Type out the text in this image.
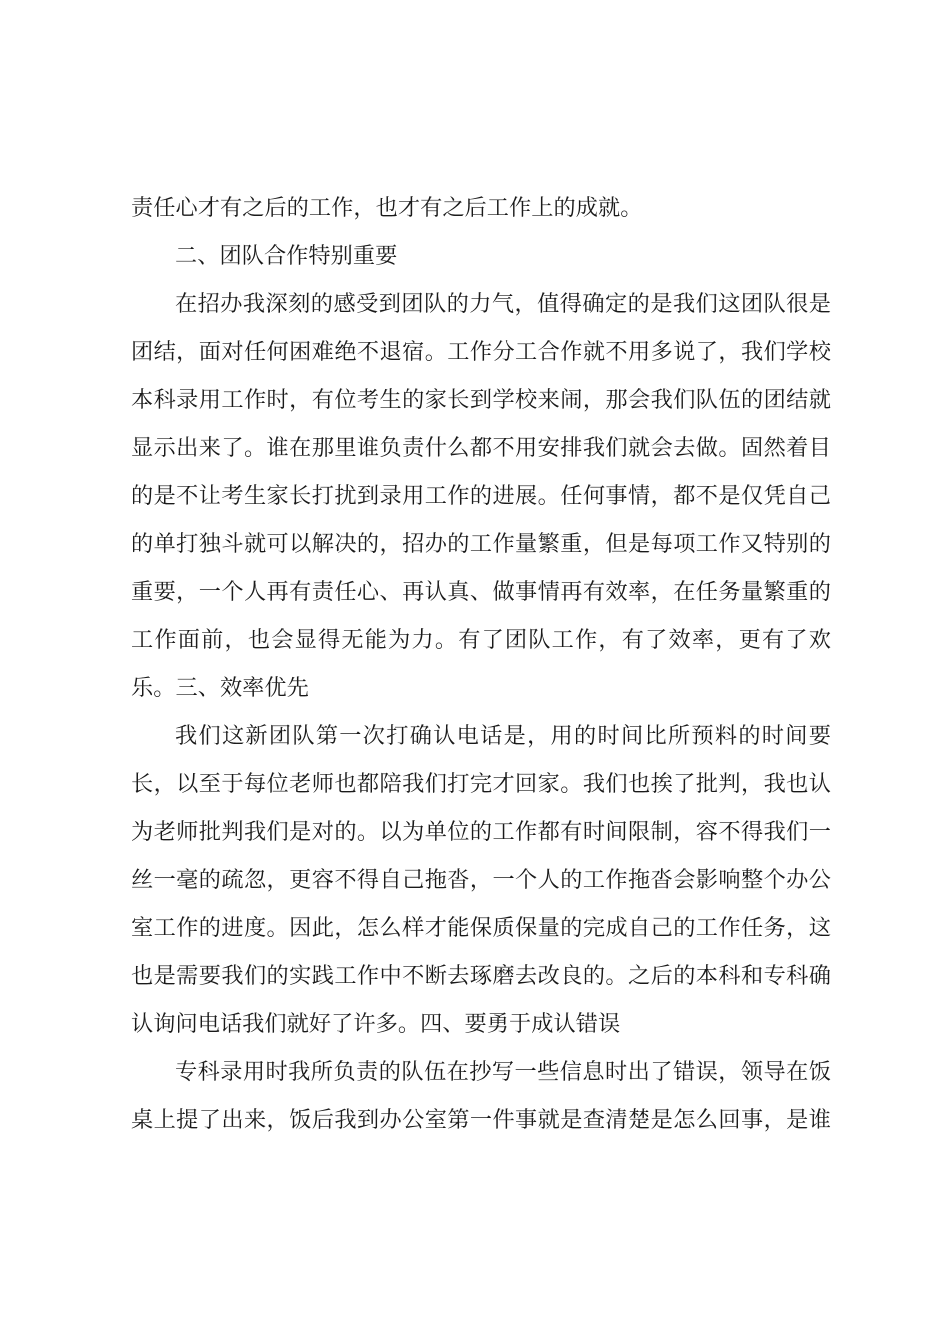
责任心才有之后的工作，也才有之后工作上的成就。
二、团队合作特别重要
在招办我深刻的感受到团队的力气，值得确定的是我们这团队很是
团结，面对任何困难绝不退宿。工作分工合作就不用多说了，我们学校
本科录用工作时，有位考生的家长到学校来闹，那会我们队伍的团结就
显示出来了。谁在那里谁负责什么都不用安排我们就会去做。固然着目
的是不让考生家长打扰到录用工作的进展。任何事情，都不是仅凭自己
的单打独斗就可以解决的，招办的工作量繁重，但是每项工作又特别的
重要，一个人再有责任心、再认真、做事情再有效率，在任务量繁重的
工作面前，也会显得无能为力。有了团队工作，有了效率，更有了欢
乐。三、效率优先
我们这新团队第一次打确认电话是，用的时间比所预料的时间要
长，以至于每位老师也都陪我们打完才回家。我们也挨了批判，我也认
为老师批判我们是对的。以为单位的工作都有时间限制，容不得我们一
丝一毫的疏忽，更容不得自己拖沓，一个人的工作拖沓会影响整个办公
室工作的进度。因此，怎么样才能保质保量的完成自己的工作任务，这
也是需要我们的实践工作中不断去琢磨去改良的。之后的本科和专科确
认询问电话我们就好了许多。四、要勇于成认错误
专科录用时我所负责的队伍在抄写一些信息时出了错误，领导在饭
桌上提了出来，饭后我到办公室第一件事就是查清楚是怎么回事，是谁
